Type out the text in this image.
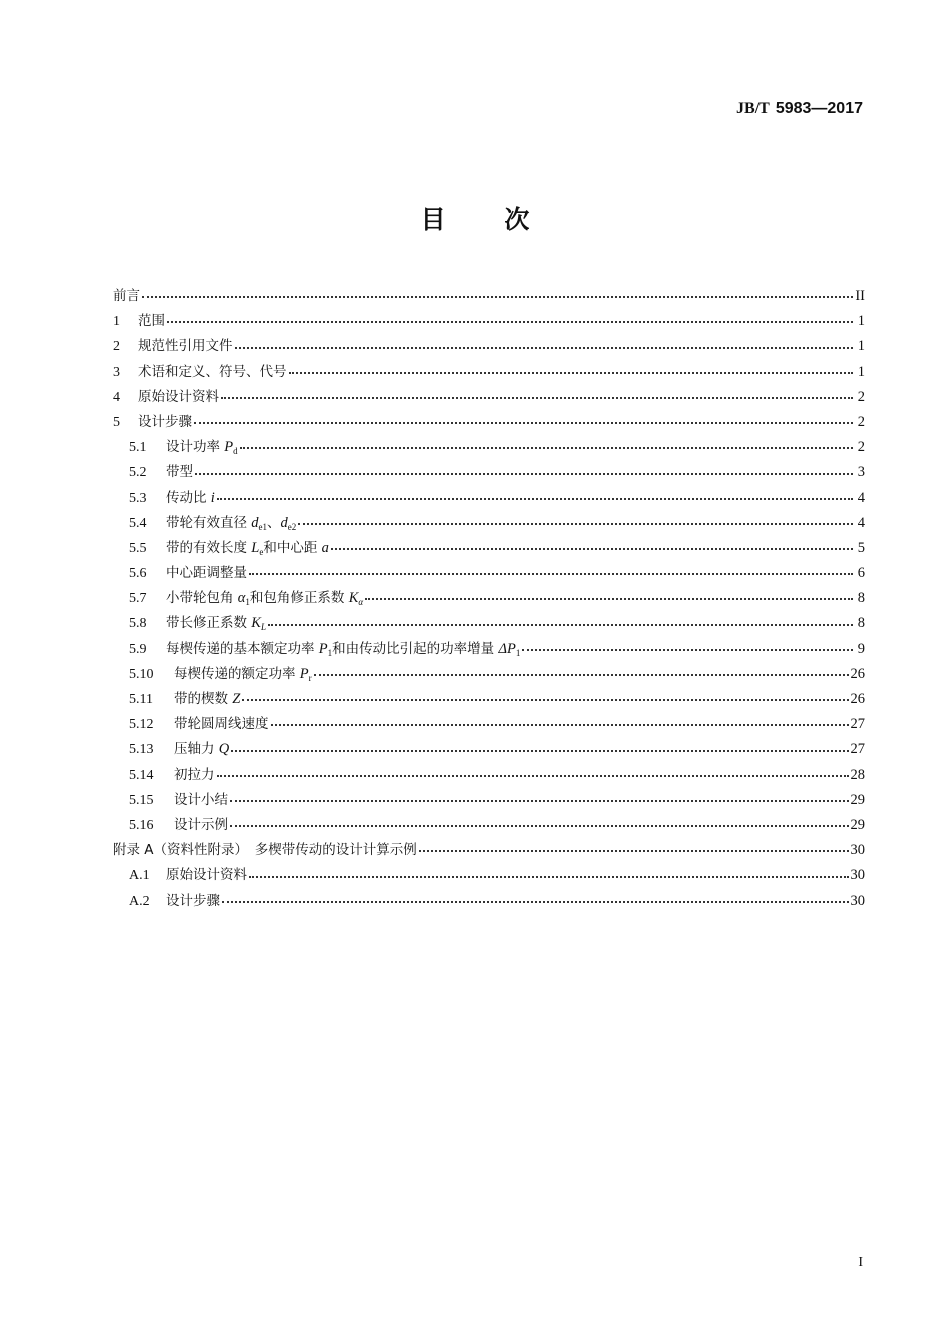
JB/T 5983—2017
目 次
前言	II
1	范围	1
2	规范性引用文件	1
3	术语和定义、符号、代号	1
4	原始设计资料	2
5	设计步骤	2
5.1	设计功率 $P_d$	2
5.2	带型	3
5.3	传动比 i	4
5.4	带轮有效直径 $d_{e1}$、$d_{e2}$	4
5.5	带的有效长度 $L_e$和中心距 a	5
5.6	中心距调整量	6
5.7	小带轮包角 $\alpha_1$和包角修正系数 $K_\alpha$	8
5.8	带长修正系数 $K_L$	8
5.9	每楔传递的基本额定功率 $P_1$和由传动比引起的功率增量 $\Delta P_1$	9
5.10	每楔传递的额定功率 $P_r$	26
5.11	带的楔数 Z	26
5.12	带轮圆周线速度	27
5.13	压轴力 Q	27
5.14	初拉力	28
5.15	设计小结	29
5.16	设计示例	29
附录 A（资料性附录）　多楔带传动的设计计算示例	30
A.1	原始设计资料	30
A.2	设计步骤	30
I
